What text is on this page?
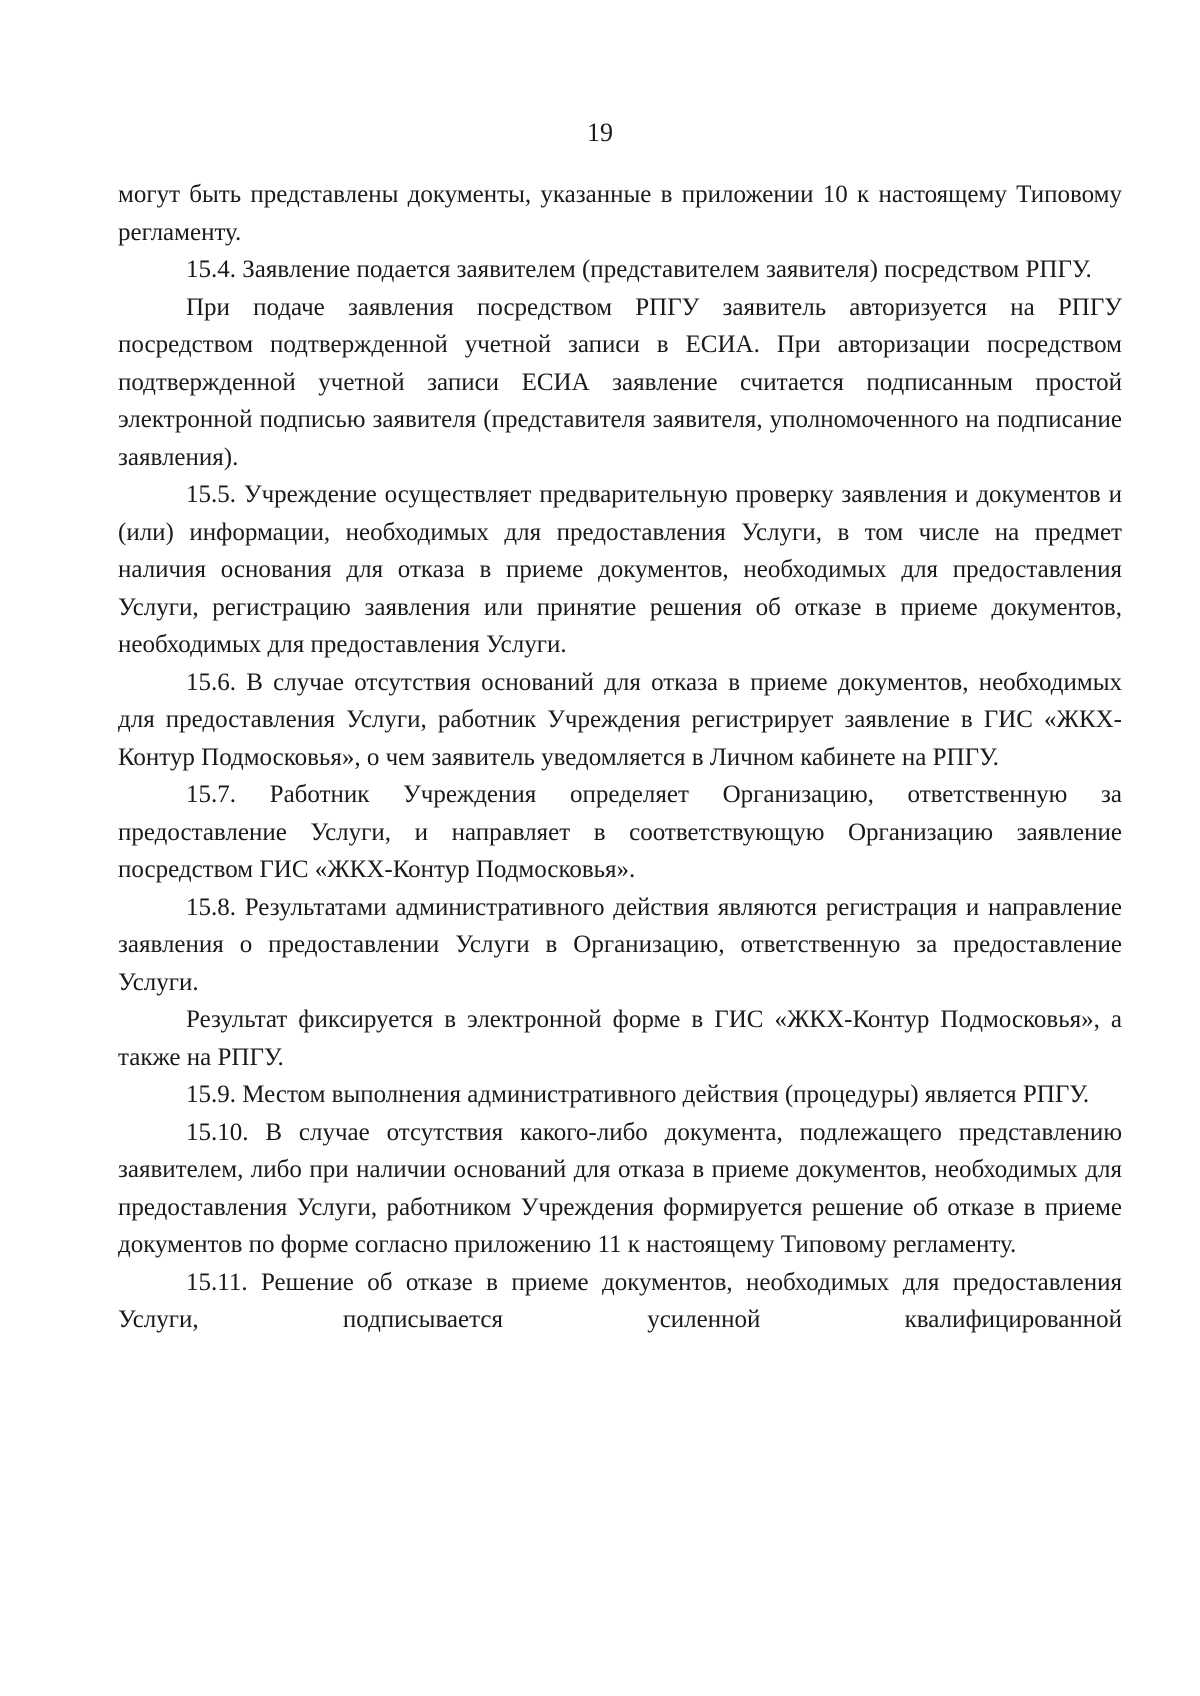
19

могут быть представлены документы, указанные в приложении 10 к настоящему Типовому регламенту.

15.4. Заявление подается заявителем (представителем заявителя) посредством РПГУ.

При подаче заявления посредством РПГУ заявитель авторизуется на РПГУ посредством подтвержденной учетной записи в ЕСИА. При авторизации посредством подтвержденной учетной записи ЕСИА заявление считается подписанным простой электронной подписью заявителя (представителя заявителя, уполномоченного на подписание заявления).

15.5. Учреждение осуществляет предварительную проверку заявления и документов и (или) информации, необходимых для предоставления Услуги, в том числе на предмет наличия основания для отказа в приеме документов, необходимых для предоставления Услуги, регистрацию заявления или принятие решения об отказе в приеме документов, необходимых для предоставления Услуги.

15.6. В случае отсутствия оснований для отказа в приеме документов, необходимых для предоставления Услуги, работник Учреждения регистрирует заявление в ГИС «ЖКХ-Контур Подмосковья», о чем заявитель уведомляется в Личном кабинете на РПГУ.

15.7. Работник Учреждения определяет Организацию, ответственную за предоставление Услуги, и направляет в соответствующую Организацию заявление посредством ГИС «ЖКХ-Контур Подмосковья».

15.8. Результатами административного действия являются регистрация и направление заявления о предоставлении Услуги в Организацию, ответственную за предоставление Услуги.

Результат фиксируется в электронной форме в ГИС «ЖКХ-Контур Подмосковья», а также на РПГУ.

15.9. Местом выполнения административного действия (процедуры) является РПГУ.

15.10. В случае отсутствия какого-либо документа, подлежащего представлению заявителем, либо при наличии оснований для отказа в приеме документов, необходимых для предоставления Услуги, работником Учреждения формируется решение об отказе в приеме документов по форме согласно приложению 11 к настоящему Типовому регламенту.

15.11. Решение об отказе в приеме документов, необходимых для предоставления Услуги, подписывается усиленной квалифицированной
